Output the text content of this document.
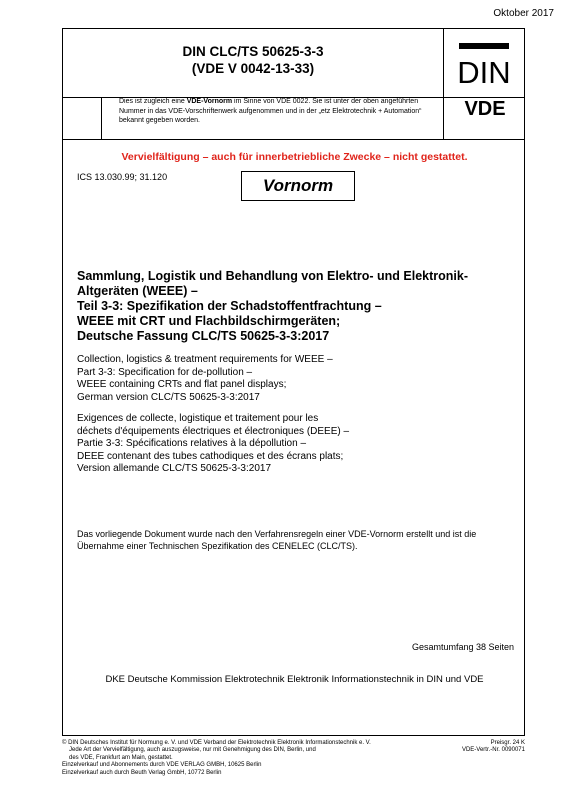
Oktober 2017
DIN CLC/TS 50625-3-3
(VDE V 0042-13-33)	DIN
Dies ist zugleich eine VDE-Vornorm im Sinne von VDE 0022. Sie ist unter der oben angeführten Nummer in das VDE-Vorschriftenwerk aufgenommen und in der „etz Elektrotechnik + Automation“ bekannt gegeben worden.
VDE
Vervielfältigung – auch für innerbetriebliche Zwecke – nicht gestattet.
ICS 13.030.99; 31.120	Vornorm
Sammlung, Logistik und Behandlung von Elektro- und Elektronik-
Altgeräten (WEEE) –
Teil 3-3: Spezifikation der Schadstoffentfrachtung –
WEEE mit CRT und Flachbildschirmgeräten;
Deutsche Fassung CLC/TS 50625-3-3:2017
Collection, logistics & treatment requirements for WEEE –
Part 3-3: Specification for de-pollution –
WEEE containing CRTs and flat panel displays;
German version CLC/TS 50625-3-3:2017
Exigences de collecte, logistique et traitement pour les
déchets d'équipements électriques et électroniques (DEEE) –
Partie 3-3: Spécifications relatives à la dépollution –
DEEE contenant des tubes cathodiques et des écrans plats;
Version allemande CLC/TS 50625-3-3:2017
Das vorliegende Dokument wurde nach den Verfahrensregeln einer VDE-Vornorm erstellt und ist die Übernahme einer Technischen Spezifikation des CENELEC (CLC/TS).
Gesamtumfang 38 Seiten
DKE Deutsche Kommission Elektrotechnik Elektronik Informationstechnik in DIN und VDE
© DIN Deutsches Institut für Normung e. V. und VDE Verband der Elektrotechnik Elektronik Informationstechnik e. V.
Jede Art der Vervielfältigung, auch auszugsweise, nur mit Genehmigung des DIN, Berlin, und
des VDE, Frankfurt am Main, gestattet.
Einzelverkauf und Abonnements durch VDE VERLAG GMBH, 10625 Berlin
Einzelverkauf auch durch Beuth Verlag GmbH, 10772 Berlin
Preisgr. 24 K
VDE-Vertr.-Nr. 0090071
